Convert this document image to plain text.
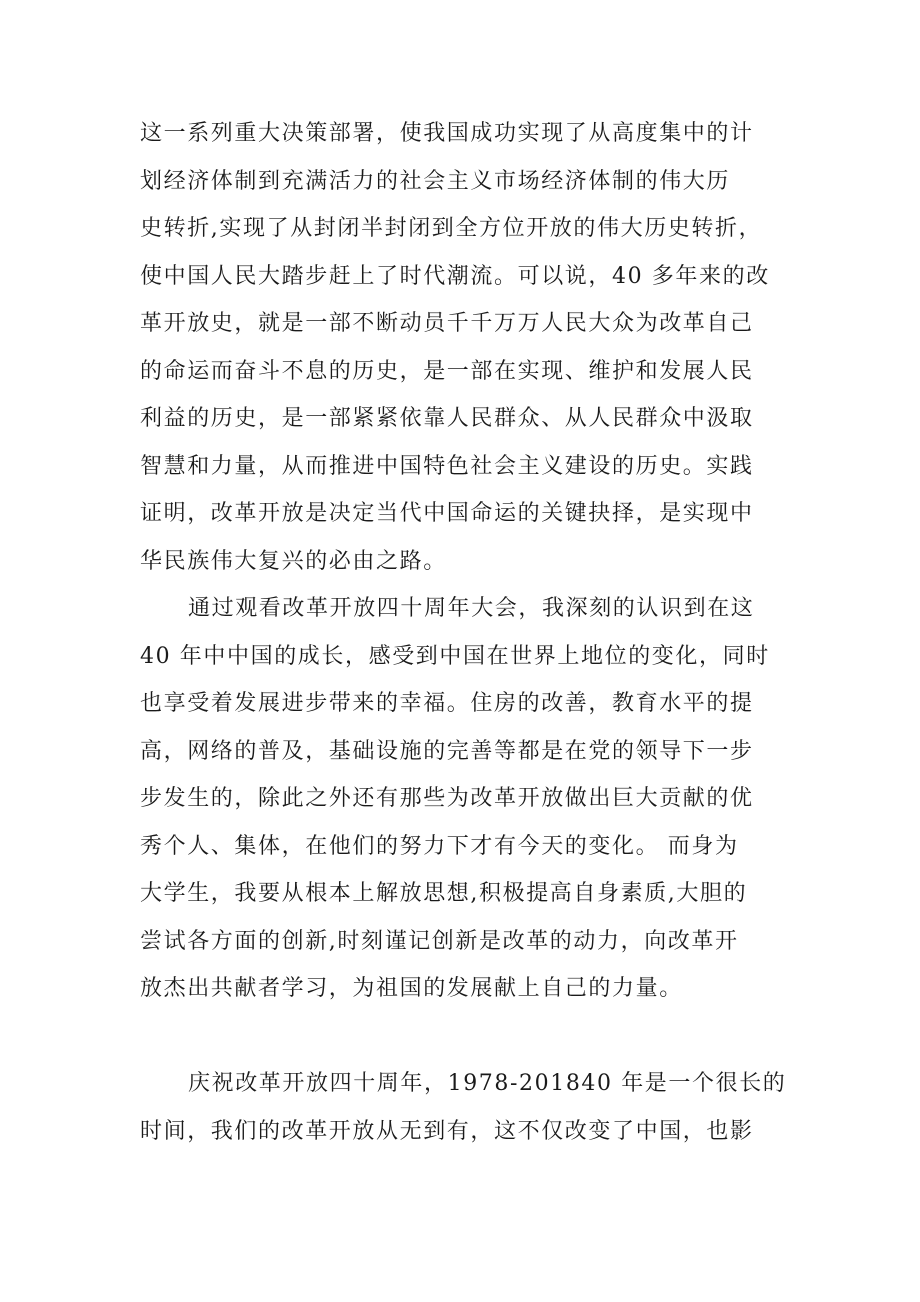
这一系列重大决策部署，使我国成功实现了从高度集中的计
划经济体制到充满活力的社会主义市场经济体制的伟大历
史转折,实现了从封闭半封闭到全方位开放的伟大历史转折，
使中国人民大踏步赶上了时代潮流。可以说，40 多年来的改
革开放史，就是一部不断动员千千万万人民大众为改革自己
的命运而奋斗不息的历史，是一部在实现、维护和发展人民
利益的历史，是一部紧紧依靠人民群众、从人民群众中汲取
智慧和力量，从而推进中国特色社会主义建设的历史。实践
证明，改革开放是决定当代中国命运的关键抉择，是实现中
华民族伟大复兴的必由之路。
通过观看改革开放四十周年大会，我深刻的认识到在这
40 年中中国的成长，感受到中国在世界上地位的变化，同时
也享受着发展进步带来的幸福。住房的改善，教育水平的提
高，网络的普及，基础设施的完善等都是在党的领导下一步
步发生的，除此之外还有那些为改革开放做出巨大贡献的优
秀个人、集体，在他们的努力下才有今天的变化。 而身为
大学生，我要从根本上解放思想,积极提高自身素质,大胆的
尝试各方面的创新,时刻谨记创新是改革的动力，向改革开
放杰出共献者学习，为祖国的发展献上自己的力量。
庆祝改革开放四十周年，1978-201840 年是一个很长的
时间，我们的改革开放从无到有，这不仅改变了中国，也影
